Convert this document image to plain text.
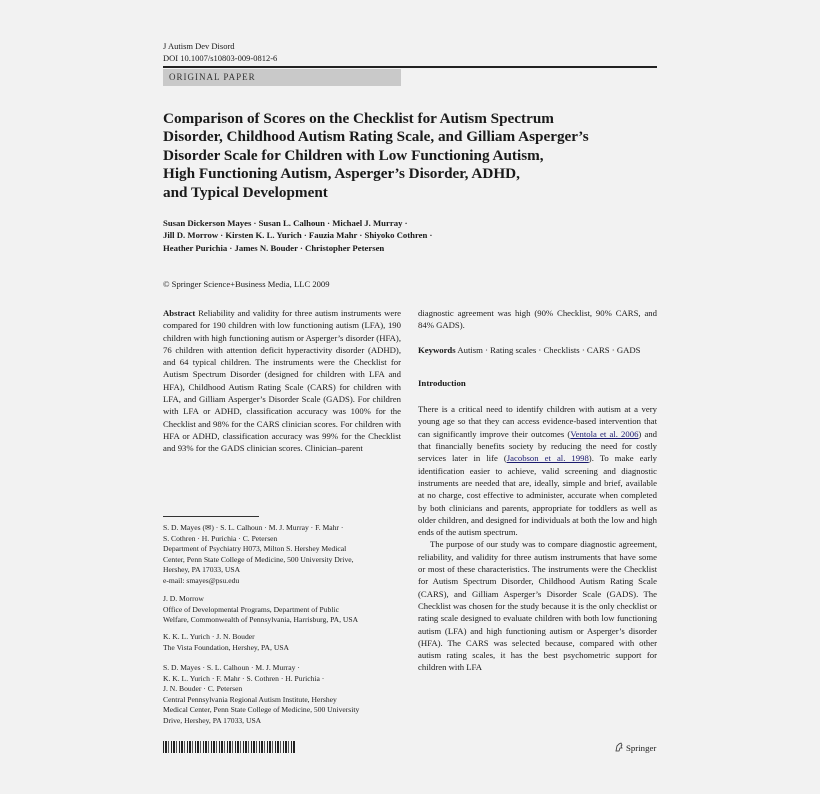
J Autism Dev Disord
DOI 10.1007/s10803-009-0812-6
ORIGINAL PAPER
Comparison of Scores on the Checklist for Autism Spectrum
Disorder, Childhood Autism Rating Scale, and Gilliam Asperger’s
Disorder Scale for Children with Low Functioning Autism,
High Functioning Autism, Asperger’s Disorder, ADHD,
and Typical Development
Susan Dickerson Mayes · Susan L. Calhoun · Michael J. Murray ·
Jill D. Morrow · Kirsten K. L. Yurich · Fauzia Mahr · Shiyoko Cothren ·
Heather Purichia · James N. Bouder · Christopher Petersen
© Springer Science+Business Media, LLC 2009
Abstract Reliability and validity for three autism instruments were compared for 190 children with low functioning autism (LFA), 190 children with high functioning autism or Asperger’s disorder (HFA), 76 children with attention deficit hyperactivity disorder (ADHD), and 64 typical children. The instruments were the Checklist for Autism Spectrum Disorder (designed for children with LFA and HFA), Childhood Autism Rating Scale (CARS) for children with LFA, and Gilliam Asperger’s Disorder Scale (GADS). For children with LFA or ADHD, classification accuracy was 100% for the Checklist and 98% for the CARS clinician scores. For children with HFA or ADHD, classification accuracy was 99% for the Checklist and 93% for the GADS clinician scores. Clinician–parent
S. D. Mayes (✉) · S. L. Calhoun · M. J. Murray · F. Mahr ·
S. Cothren · H. Purichia · C. Petersen
Department of Psychiatry H073, Milton S. Hershey Medical
Center, Penn State College of Medicine, 500 University Drive,
Hershey, PA 17033, USA
e-mail: smayes@psu.edu
J. D. Morrow
Office of Developmental Programs, Department of Public
Welfare, Commonwealth of Pennsylvania, Harrisburg, PA, USA
K. K. L. Yurich · J. N. Bouder
The Vista Foundation, Hershey, PA, USA
S. D. Mayes · S. L. Calhoun · M. J. Murray ·
K. K. L. Yurich · F. Mahr · S. Cothren · H. Purichia ·
J. N. Bouder · C. Petersen
Central Pennsylvania Regional Autism Institute, Hershey
Medical Center, Penn State College of Medicine, 500 University
Drive, Hershey, PA 17033, USA
diagnostic agreement was high (90% Checklist, 90% CARS, and 84% GADS).
Keywords Autism · Rating scales · Checklists · CARS · GADS
Introduction
There is a critical need to identify children with autism at a very young age so that they can access evidence-based intervention that can significantly improve their outcomes (Ventola et al. 2006) and that financially benefits society by reducing the need for costly services later in life (Jacobson et al. 1998). To make early identification easier to achieve, valid screening and diagnostic instruments are needed that are, ideally, simple and brief, available at no charge, cost effective to administer, accurate when completed by both clinicians and parents, appropriate for toddlers as well as older children, and designed for individuals at both the low and high ends of the autism spectrum.
The purpose of our study was to compare diagnostic agreement, reliability, and validity for three autism instruments that have some or most of these characteristics. The instruments were the Checklist for Autism Spectrum Disorder, Childhood Autism Rating Scale (CARS), and Gilliam Asperger’s Disorder Scale (GADS). The Checklist was chosen for the study because it is the only checklist or rating scale designed to evaluate children with both low functioning autism (LFA) and high functioning autism or Asperger’s disorder (HFA). The CARS was selected because, compared with other autism rating scales, it has the best psychometric support for children with LFA
Springer
